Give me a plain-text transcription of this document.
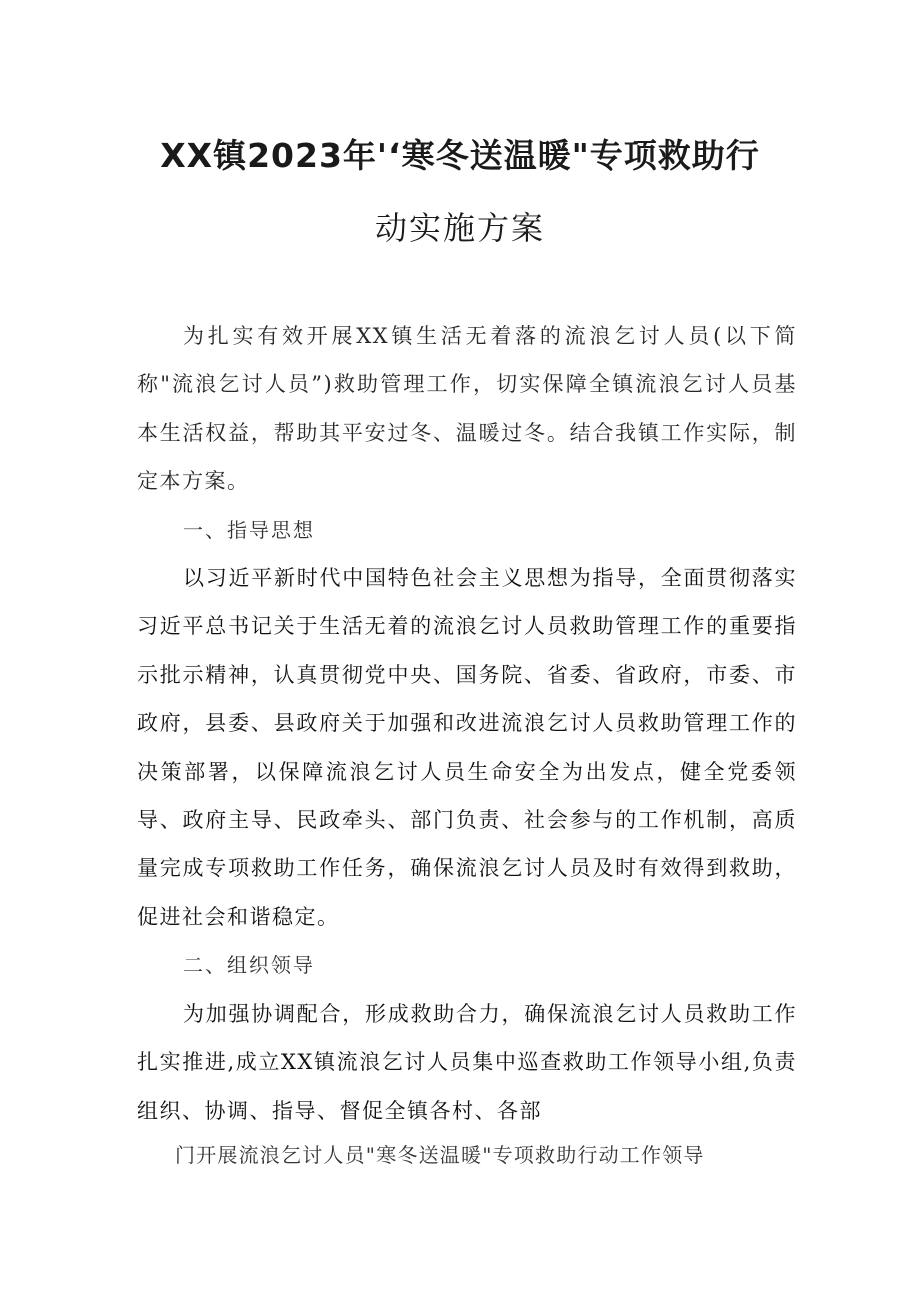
XX镇2023年'‘寒冬送温暖"专项救助行
动实施方案

为扎实有效开展XX镇生活无着落的流浪乞讨人员(以下简称"流浪乞讨人员”)救助管理工作，切实保障全镇流浪乞讨人员基本生活权益，帮助其平安过冬、温暖过冬。结合我镇工作实际，制定本方案。

一、指导思想

以习近平新时代中国特色社会主义思想为指导，全面贯彻落实习近平总书记关于生活无着的流浪乞讨人员救助管理工作的重要指示批示精神，认真贯彻党中央、国务院、省委、省政府，市委、市政府，县委、县政府关于加强和改进流浪乞讨人员救助管理工作的决策部署，以保障流浪乞讨人员生命安全为出发点，健全党委领导、政府主导、民政牵头、部门负责、社会参与的工作机制，高质量完成专项救助工作任务，确保流浪乞讨人员及时有效得到救助，促进社会和谐稳定。

二、组织领导

为加强协调配合，形成救助合力，确保流浪乞讨人员救助工作扎实推进,成立XX镇流浪乞讨人员集中巡查救助工作领导小组,负责组织、协调、指导、督促全镇各村、各部

门开展流浪乞讨人员"寒冬送温暖"专项救助行动工作领导
